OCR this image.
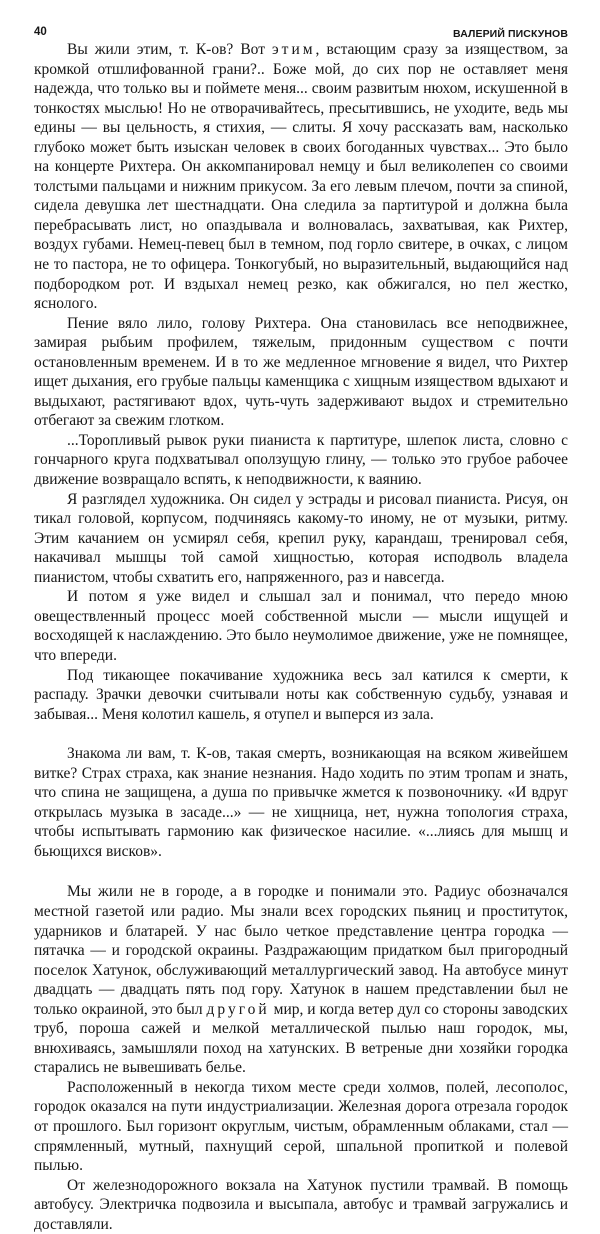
40	ВАЛЕРИЙ ПИСКУНОВ

Вы жили этим, т. К-ов? Вот этим, встающим сразу за изяществом, за кромкой отшлифованной грани?.. Боже мой, до сих пор не оставляет меня надежда, что только вы и поймете меня... своим развитым нюхом, искушенной в тонкостях мыслью! Но не отворачивайтесь, пресытившись, не уходите, ведь мы едины — вы цельность, я стихия, — слиты. Я хочу рассказать вам, насколько глубоко может быть изыскан человек в своих богоданных чувствах... Это было на концерте Рихтера. Он аккомпанировал немцу и был великолепен со своими толстыми пальцами и нижним прикусом. За его левым плечом, почти за спиной, сидела девушка лет шестнадцати. Она следила за партитурой и должна была перебрасывать лист, но опаздывала и волновалась, захватывая, как Рихтер, воздух губами. Немец-певец был в темном, под горло свитере, в очках, с лицом не то пастора, не то офицера. Тонкогубый, но выразительный, выдающийся над подбородком рот. И вздыхал немец резко, как обжигался, но пел жестко, яснологo.

Пение вяло лило, голову Рихтера. Она становилась все неподвижнее, замирая рыбьим профилем, тяжелым, придонным существом с почти остановленным временем. И в то же медленное мгновение я видел, что Рихтер ищет дыхания, его грубые пальцы каменщика с хищным изяществом вдыхают и выдыхают, растягивают вдох, чуть-чуть задерживают выдох и стремительно отбегают за свежим глотком.

...Торопливый рывок руки пианиста к партитуре, шлепок листа, словно с гончарного круга подхватывал оползущую глину, — только это грубое рабочее движение возвращало вспять, к неподвижности, к ваянию.

Я разглядел художника. Он сидел у эстрады и рисовал пианиста. Рисуя, он тикал головой, корпусом, подчиняясь какому-то иному, не от музыки, ритму. Этим качанием он усмирял себя, крепил руку, карандаш, тренировал себя, накачивал мышцы той самой хищностью, которая исподволь владела пианистом, чтобы схватить его, напряженного, раз и навсегда.

И потом я уже видел и слышал зал и понимал, что передо мною овеществленный процесс моей собственной мысли — мысли ищущей и восходящей к наслаждению. Это было неумолимое движение, уже не помнящее, что впереди.

Под тикающее покачивание художника весь зал катился к смерти, к распаду. Зрачки девочки считывали ноты как собственную судьбу, узнавая и забывая... Меня колотил кашель, я отупел и выперся из зала.

Знакома ли вам, т. К-ов, такая смерть, возникающая на всяком живейшем витке? Страх страха, как знание незнания. Надо ходить по этим тропам и знать, что спина не защищена, а душа по привычке жмется к позвоночнику. «И вдруг открылась музыка в засаде...» — не хищница, нет, нужна топология страха, чтобы испытывать гармонию как физическое насилие. «...лиясь для мышц и бьющихся висков».

Мы жили не в городе, а в городке и понимали это. Радиус обозначался местной газетой или радио. Мы знали всех городских пьяниц и проституток, ударников и блатарей. У нас было четкое представление центра городка — пятачка — и городской окраины. Раздражающим придатком был пригородный поселок Хатунок, обслуживающий металлургический завод. На автобусе минут двадцать — двадцать пять под гору. Хатунок в нашем представлении был не только окраиной, это был другой мир, и когда ветер дул со стороны заводских труб, пороша сажей и мелкой металлической пылью наш городок, мы, внюхиваясь, замышляли поход на хатунских. В ветреные дни хозяйки городка старались не вывешивать белье.

Расположенный в некогда тихом месте среди холмов, полей, лесополос, городок оказался на пути индустриализации. Железная дорога отрезала городок от прошлого. Был горизонт округлым, чистым, обрамленным облаками, стал — спрямленный, мутный, пахнущий серой, шпальной пропиткой и полевой пылью.

От железнодорожного вокзала на Хатунок пустили трамвай. В помощь автобусу. Электричка подвозила и высыпала, автобус и трамвай загружались и доставляли.
